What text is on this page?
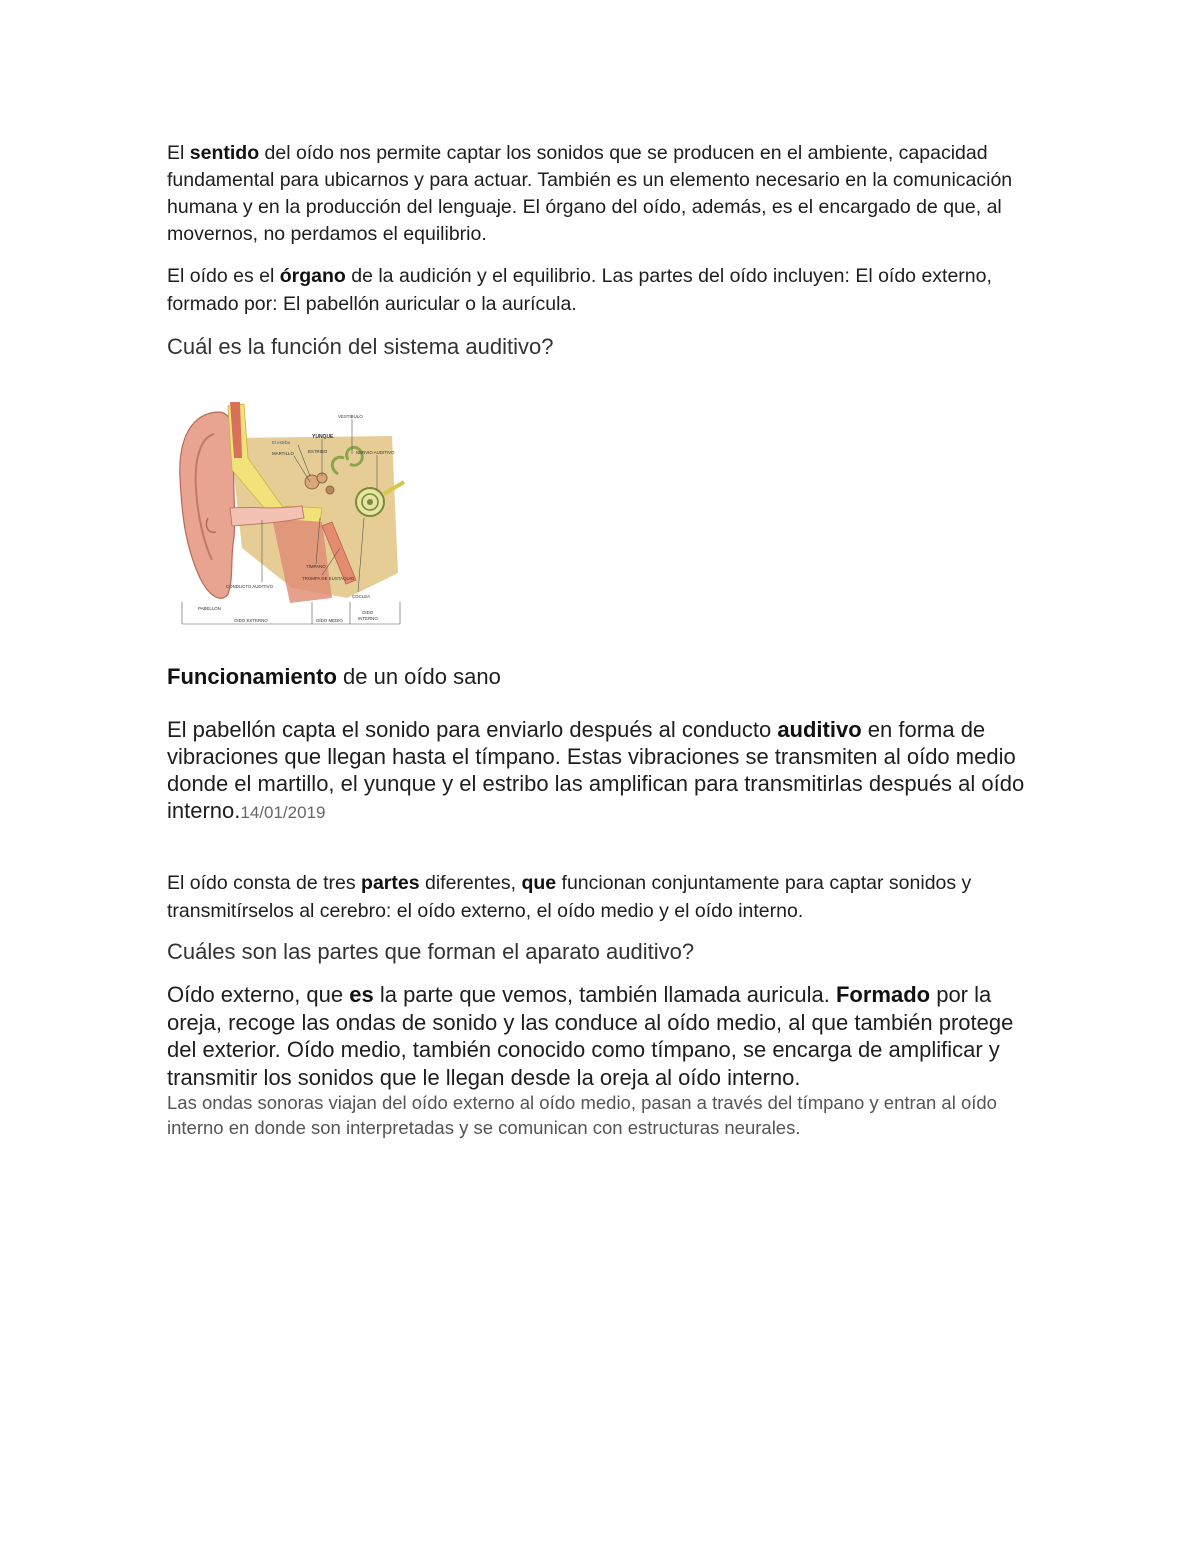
El sentido del oído nos permite captar los sonidos que se producen en el ambiente, capacidad fundamental para ubicarnos y para actuar. También es un elemento necesario en la comunicación humana y en la producción del lenguaje. El órgano del oído, además, es el encargado de que, al movernos, no perdamos el equilibrio.

El oído es el órgano de la audición y el equilibrio. Las partes del oído incluyen: El oído externo, formado por: El pabellón auricular o la aurícula.

Cuál es la función del sistema auditivo?

VESTÍBULO
YUNQUE
El estribo
MARTILLO	ESTRIBO	NERVIO AUDITIVO
TÍMPANO
TROMPA DE EUSTAQUIO
CONDUCTO AUDITIVO
CÓCLEA
PABELLÓN
OÍDO EXTERNO	OÍDO MEDIO
OÍDO
INTERNO

Funcionamiento de un oído sano

El pabellón capta el sonido para enviarlo después al conducto auditivo en forma de vibraciones que llegan hasta el tímpano. Estas vibraciones se transmiten al oído medio donde el martillo, el yunque y el estribo las amplifican para transmitirlas después al oído interno.14/01/2019

El oído consta de tres partes diferentes, que funcionan conjuntamente para captar sonidos y transmitírselos al cerebro: el oído externo, el oído medio y el oído interno.

Cuáles son las partes que forman el aparato auditivo?

Oído externo, que es la parte que vemos, también llamada auricula. Formado por la oreja, recoge las ondas de sonido y las conduce al oído medio, al que también protege del exterior. Oído medio, también conocido como tímpano, se encarga de amplificar y transmitir los sonidos que le llegan desde la oreja al oído interno.

Las ondas sonoras viajan del oído externo al oído medio, pasan a través del tímpano y entran al oído interno en donde son interpretadas y se comunican con estructuras neurales.
